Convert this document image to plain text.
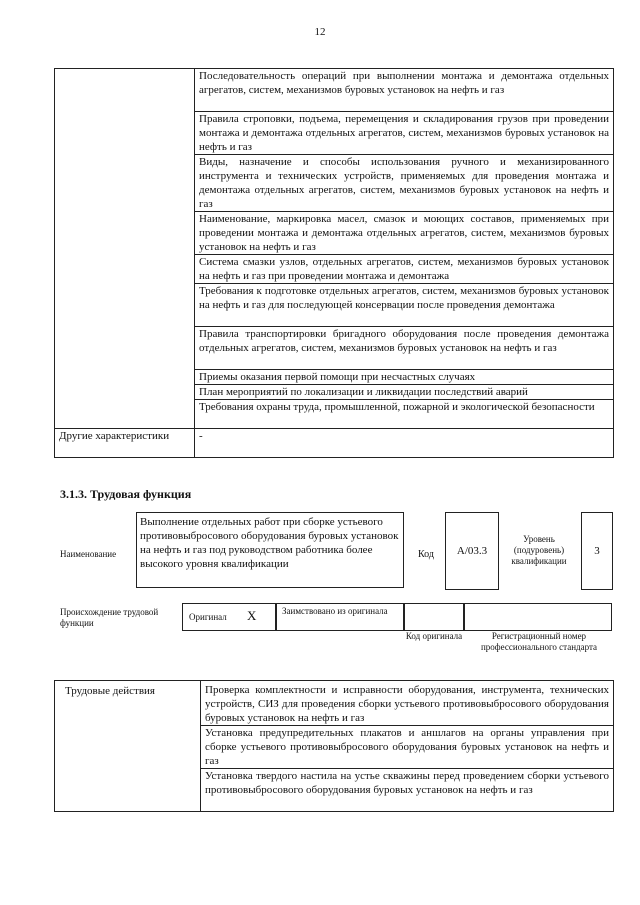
12
	Последовательность операций при выполнении монтажа и демонтажа отдельных агрегатов, систем, механизмов буровых установок на нефть и газ
	Правила строповки, подъема, перемещения и складирования грузов при проведении монтажа и демонтажа отдельных агрегатов, систем, механизмов буровых установок на нефть и газ
	Виды, назначение и способы использования ручного и механизированного инструмента и технических устройств, применяемых для проведения монтажа и демонтажа отдельных агрегатов, систем, механизмов буровых установок на нефть и газ
	Наименование, маркировка масел, смазок и моющих составов, применяемых при проведении монтажа и демонтажа отдельных агрегатов, систем, механизмов буровых установок на нефть и газ
	Система смазки узлов, отдельных агрегатов, систем, механизмов буровых установок на нефть и газ при проведении монтажа и демонтажа
	Требования к подготовке отдельных агрегатов, систем, механизмов буровых установок на нефть и газ для последующей консервации после проведения демонтажа
	Правила транспортировки бригадного оборудования после проведения демонтажа отдельных агрегатов, систем, механизмов буровых установок на нефть и газ
	Приемы оказания первой помощи при несчастных случаях
	План мероприятий по локализации и ликвидации последствий аварий
	Требования охраны труда, промышленной, пожарной и экологической безопасности
Другие характеристики	-
3.1.3. Трудовая функция
Наименование
Выполнение отдельных работ при сборке устьевого противовыбросового оборудования буровых установок на нефть и газ под руководством работника более высокого уровня квалификации
Код	А/03.3
Уровень (подуровень) квалификации
3
Происхождение трудовой функции
Оригинал X	Заимствовано из оригинала
Код оригинала	Регистрационный номер профессионального стандарта
Трудовые действия	Проверка комплектности и исправности оборудования, инструмента, технических устройств, СИЗ для проведения сборки устьевого противовыбросового оборудования буровых установок на нефть и газ
Установка предупредительных плакатов и аншлагов на органы управления при сборке устьевого противовыбросового оборудования буровых установок на нефть и газ
Установка твердого настила на устье скважины перед проведением сборки устьевого противовыбросового оборудования буровых установок на нефть и газ
